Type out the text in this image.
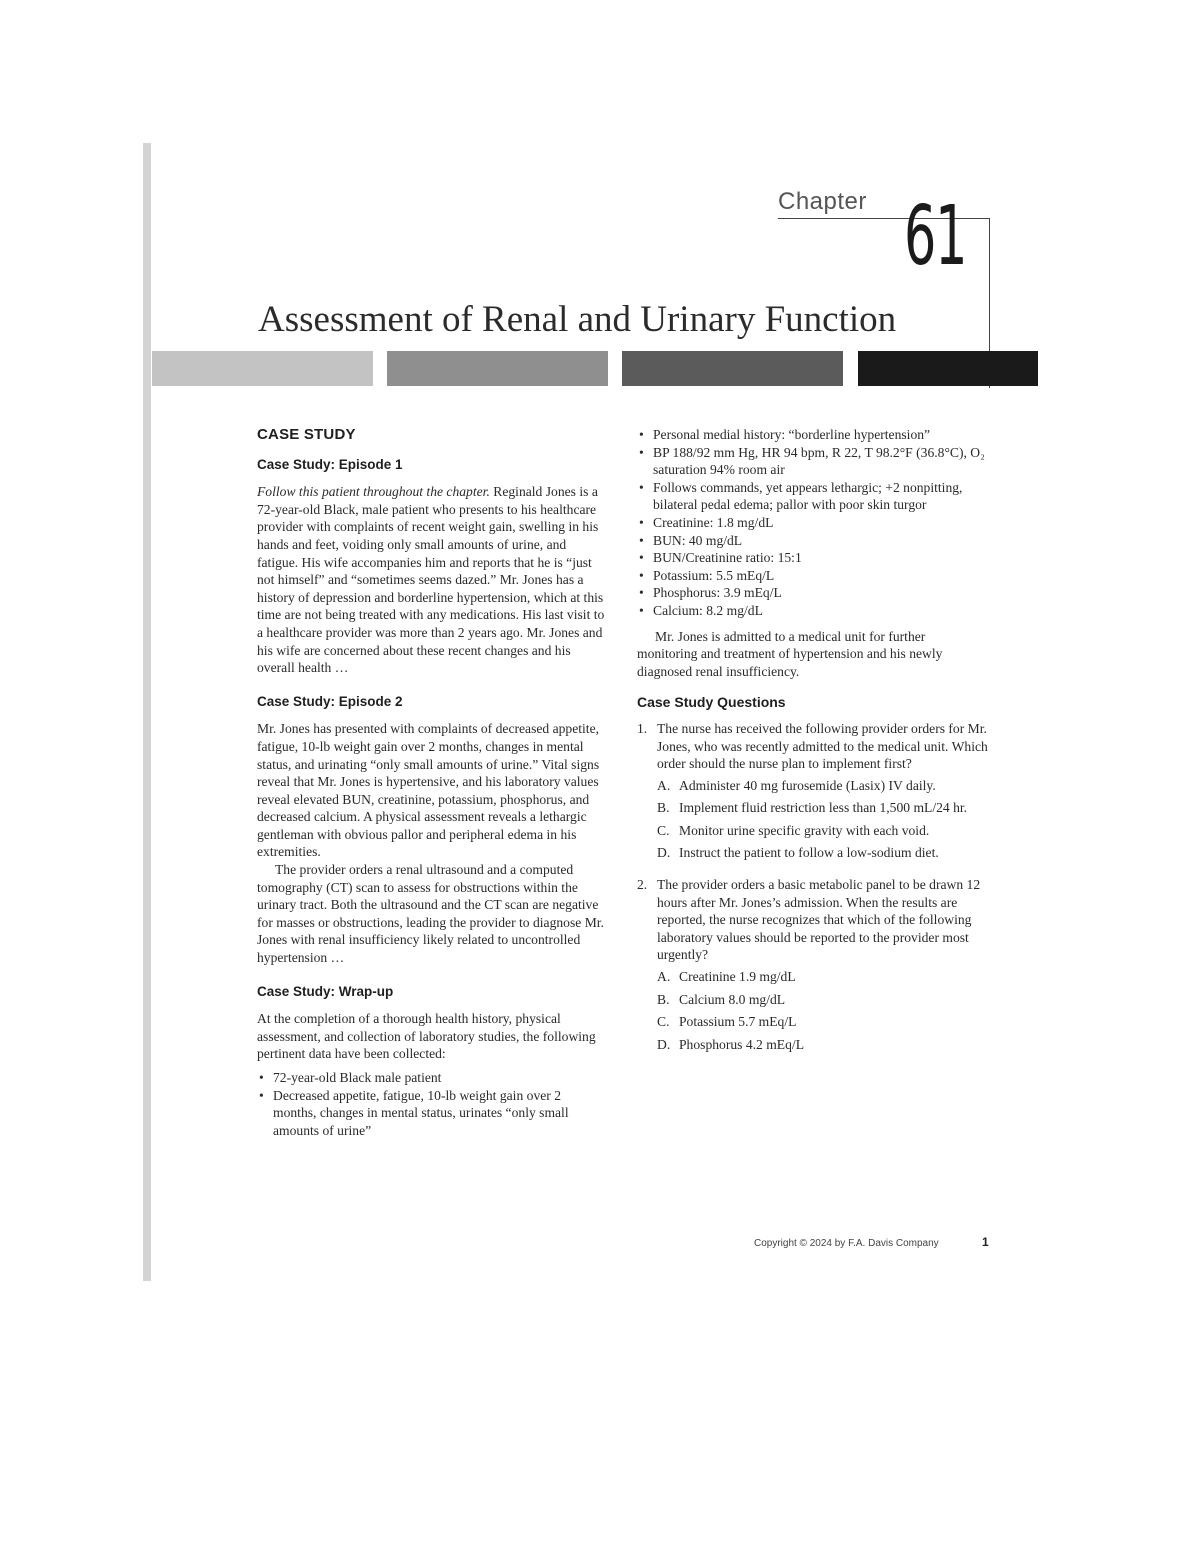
Chapter 61
Assessment of Renal and Urinary Function
CASE STUDY
Case Study: Episode 1

Follow this patient throughout the chapter. Reginald Jones is a 72-year-old Black, male patient who presents to his healthcare provider with complaints of recent weight gain, swelling in his hands and feet, voiding only small amounts of urine, and fatigue. His wife accompanies him and reports that he is “just not himself” and “sometimes seems dazed.” Mr. Jones has a history of depression and borderline hypertension, which at this time are not being treated with any medications. His last visit to a healthcare provider was more than 2 years ago. Mr. Jones and his wife are concerned about these recent changes and his overall health …

Case Study: Episode 2

Mr. Jones has presented with complaints of decreased appetite, fatigue, 10-lb weight gain over 2 months, changes in mental status, and urinating “only small amounts of urine.” Vital signs reveal that Mr. Jones is hypertensive, and his laboratory values reveal elevated BUN, creatinine, potassium, phosphorus, and decreased calcium. A physical assessment reveals a lethargic gentleman with obvious pallor and peripheral edema in his extremities.

The provider orders a renal ultrasound and a computed tomography (CT) scan to assess for obstructions within the urinary tract. Both the ultrasound and the CT scan are negative for masses or obstructions, leading the provider to diagnose Mr. Jones with renal insufficiency likely related to uncontrolled hypertension …

Case Study: Wrap-up

At the completion of a thorough health history, physical assessment, and collection of laboratory studies, the following pertinent data have been collected:

• 72-year-old Black male patient
• Decreased appetite, fatigue, 10-lb weight gain over 2 months, changes in mental status, urinates “only small amounts of urine”
• Personal medial history: “borderline hypertension”
• BP 188/92 mm Hg, HR 94 bpm, R 22, T 98.2°F (36.8°C), O₂ saturation 94% room air
• Follows commands, yet appears lethargic; +2 nonpitting, bilateral pedal edema; pallor with poor skin turgor
• Creatinine: 1.8 mg/dL
• BUN: 40 mg/dL
• BUN/Creatinine ratio: 15:1
• Potassium: 5.5 mEq/L
• Phosphorus: 3.9 mEq/L
• Calcium: 8.2 mg/dL

Mr. Jones is admitted to a medical unit for further monitoring and treatment of hypertension and his newly diagnosed renal insufficiency.

Case Study Questions
1. The nurse has received the following provider orders for Mr. Jones, who was recently admitted to the medical unit. Which order should the nurse plan to implement first?
A. Administer 40 mg furosemide (Lasix) IV daily.
B. Implement fluid restriction less than 1,500 mL/24 hr.
C. Monitor urine specific gravity with each void.
D. Instruct the patient to follow a low-sodium diet.
2. The provider orders a basic metabolic panel to be drawn 12 hours after Mr. Jones’s admission. When the results are reported, the nurse recognizes that which of the following laboratory values should be reported to the provider most urgently?
A. Creatinine 1.9 mg/dL
B. Calcium 8.0 mg/dL
C. Potassium 5.7 mEq/L
D. Phosphorus 4.2 mEq/L
Copyright © 2024 by F.A. Davis Company	1
